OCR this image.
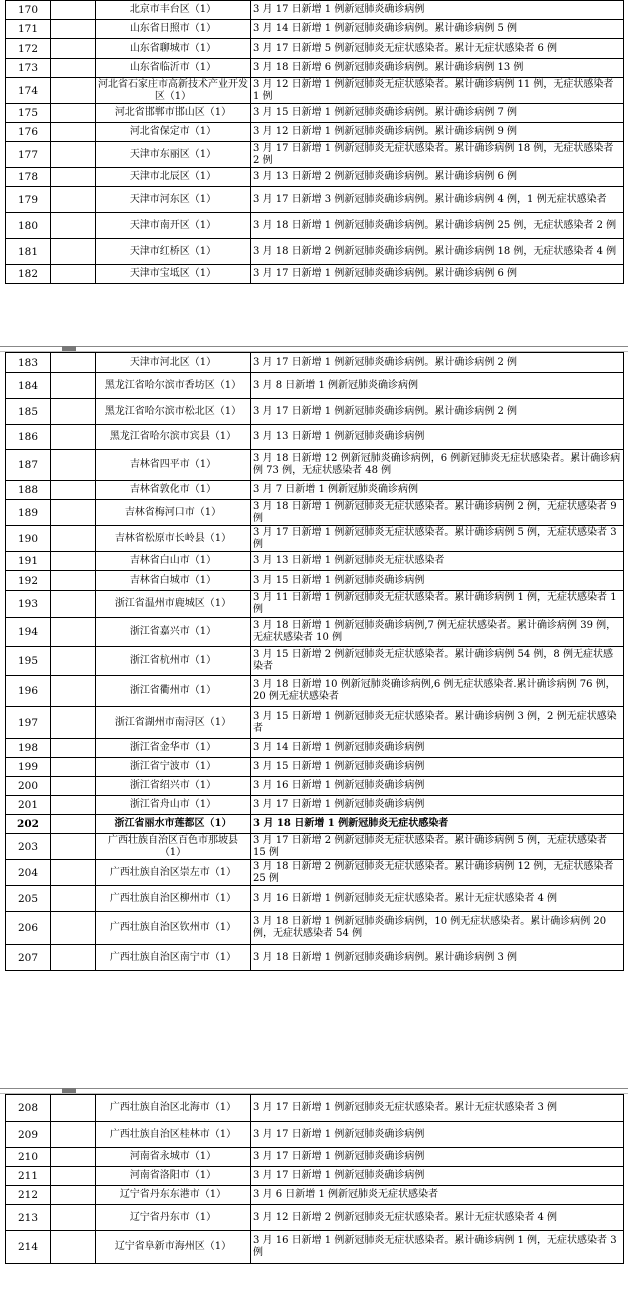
170		北京市丰台区（1）	3 月 17 日新增 1 例新冠肺炎确诊病例
171		山东省日照市（1）	3 月 14 日新增 1 例新冠肺炎确诊病例。累计确诊病例 5 例
172		山东省聊城市（1）	3 月 17 日新增 5 例新冠肺炎无症状感染者。累计无症状感染者 6 例
173		山东省临沂市（1）	3 月 18 日新增 6 例新冠肺炎确诊病例。累计确诊病例 13 例
174		河北省石家庄市高新技术产业开发区（1）	3 月 12 日新增 1 例新冠肺炎无症状感染者。累计确诊病例 11 例，无症状感染者 1 例
175		河北省邯郸市邯山区（1）	3 月 15 日新增 1 例新冠肺炎确诊病例。累计确诊病例 7 例
176		河北省保定市（1）	3 月 12 日新增 1 例新冠肺炎确诊病例。累计确诊病例 9 例
177		天津市东丽区（1）	3 月 17 日新增 1 例新冠肺炎无症状感染者。累计确诊病例 18 例，无症状感染者 2 例
178		天津市北辰区（1）	3 月 13 日新增 2 例新冠肺炎确诊病例。累计确诊病例 6 例
179		天津市河东区（1）	3 月 17 日新增 3 例新冠肺炎确诊病例。累计确诊病例 4 例，1 例无症状感染者
180		天津市南开区（1）	3 月 18 日新增 1 例新冠肺炎确诊病例。累计确诊病例 25 例，无症状感染者 2 例
181		天津市红桥区（1）	3 月 18 日新增 2 例新冠肺炎确诊病例。累计确诊病例 18 例，无症状感染者 4 例
182		天津市宝坻区（1）	3 月 17 日新增 1 例新冠肺炎确诊病例。累计确诊病例 6 例
183		天津市河北区（1）	3 月 17 日新增 1 例新冠肺炎确诊病例。累计确诊病例 2 例
184		黑龙江省哈尔滨市香坊区（1）	3 月 8 日新增 1 例新冠肺炎确诊病例
185		黑龙江省哈尔滨市松北区（1）	3 月 17 日新增 1 例新冠肺炎确诊病例。累计确诊病例 2 例
186		黑龙江省哈尔滨市宾县（1）	3 月 13 日新增 1 例新冠肺炎确诊病例
187		吉林省四平市（1）	3 月 18 日新增 12 例新冠肺炎确诊病例，6 例新冠肺炎无症状感染者。累计确诊病例 73 例，无症状感染者 48 例
188		吉林省敦化市（1）	3 月 7 日新增 1 例新冠肺炎确诊病例
189		吉林省梅河口市（1）	3 月 18 日新增 1 例新冠肺炎无症状感染者。累计确诊病例 2 例，无症状感染者 9 例
190		吉林省松原市长岭县（1）	3 月 17 日新增 1 例新冠肺炎无症状感染者。累计确诊病例 5 例，无症状感染者 3 例
191		吉林省白山市（1）	3 月 13 日新增 1 例新冠肺炎无症状感染者
192		吉林省白城市（1）	3 月 15 日新增 1 例新冠肺炎确诊病例
193		浙江省温州市鹿城区（1）	3 月 11 日新增 1 例新冠肺炎无症状感染者。累计确诊病例 1 例，无症状感染者 1 例
194		浙江省嘉兴市（1）	3 月 18 日新增 1 例新冠肺炎确诊病例,7 例无症状感染者。累计确诊病例 39 例，无症状感染者 10 例
195		浙江省杭州市（1）	3 月 15 日新增 2 例新冠肺炎无症状感染者。累计确诊病例 54 例，8 例无症状感染者
196		浙江省衢州市（1）	3 月 18 日新增 10 例新冠肺炎确诊病例,6 例无症状感染者.累计确诊病例 76 例，20 例无症状感染者
197		浙江省湖州市南浔区（1）	3 月 15 日新增 1 例新冠肺炎无症状感染者。累计确诊病例 3 例，2 例无症状感染者
198		浙江省金华市（1）	3 月 14 日新增 1 例新冠肺炎确诊病例
199		浙江省宁波市（1）	3 月 15 日新增 1 例新冠肺炎确诊病例
200		浙江省绍兴市（1）	3 月 16 日新增 1 例新冠肺炎确诊病例
201		浙江省舟山市（1）	3 月 17 日新增 1 例新冠肺炎确诊病例
202		浙江省丽水市莲都区（1）	3 月 18 日新增 1 例新冠肺炎无症状感染者
203		广西壮族自治区百色市那坡县（1）	3 月 17 日新增 2 例新冠肺炎无症状感染者。累计确诊病例 5 例，无症状感染者 15 例
204		广西壮族自治区崇左市（1）	3 月 18 日新增 2 例新冠肺炎无症状感染者。累计确诊病例 12 例，无症状感染者 25 例
205		广西壮族自治区柳州市（1）	3 月 16 日新增 1 例新冠肺炎无症状感染者。累计无症状感染者 4 例
206		广西壮族自治区钦州市（1）	3 月 18 日新增 1 例新冠肺炎确诊病例，10 例无症状感染者。累计确诊病例 20 例，无症状感染者 54 例
207		广西壮族自治区南宁市（1）	3 月 18 日新增 1 例新冠肺炎确诊病例。累计确诊病例 3 例
208		广西壮族自治区北海市（1）	3 月 17 日新增 1 例新冠肺炎无症状感染者。累计无症状感染者 3 例
209		广西壮族自治区桂林市（1）	3 月 17 日新增 1 例新冠肺炎确诊病例
210		河南省永城市（1）	3 月 17 日新增 1 例新冠肺炎确诊病例
211		河南省洛阳市（1）	3 月 17 日新增 1 例新冠肺炎确诊病例
212		辽宁省丹东东港市（1）	3 月 6 日新增 1 例新冠肺炎无症状感染者
213		辽宁省丹东市（1）	3 月 12 日新增 2 例新冠肺炎无症状感染者。累计无症状感染者 4 例
214		辽宁省阜新市海州区（1）	3 月 16 日新增 1 例新冠肺炎无症状感染者。累计确诊病例 1 例，无症状感染者 3 例
